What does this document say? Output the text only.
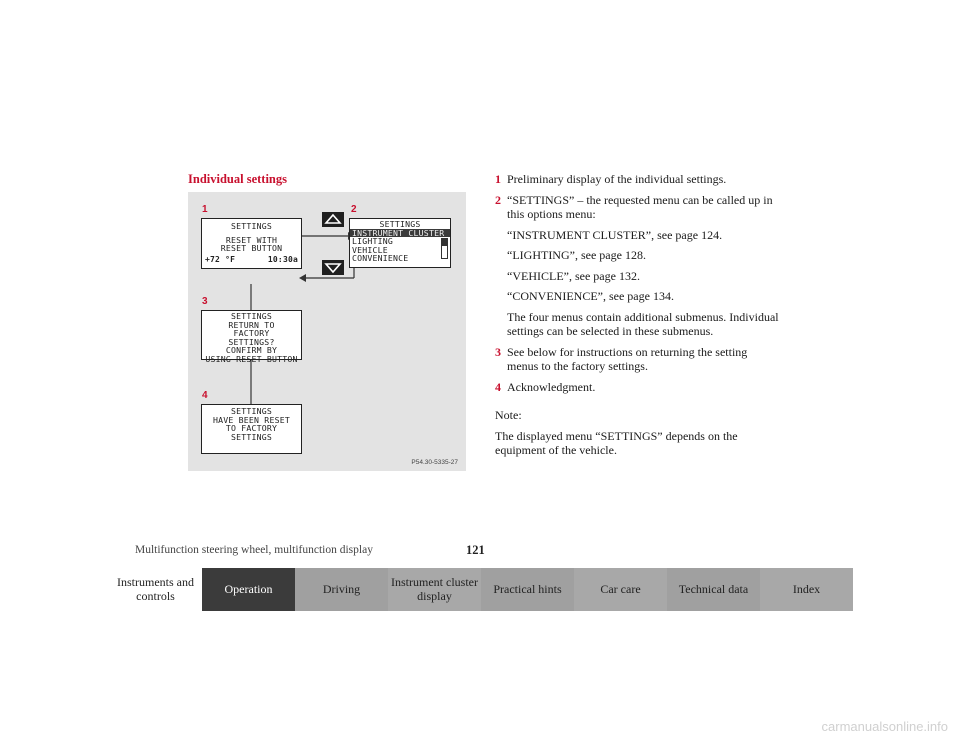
Individual settings
1	2
3
4
SETTINGS
RESET WITH
RESET BUTTON
+72 °F	10:30a
SETTINGS
INSTRUMENT CLUSTER
LIGHTING
VEHICLE
CONVENIENCE
SETTINGS
RETURN TO
FACTORY
SETTINGS?
CONFIRM BY
USING RESET BUTTON
SETTINGS
HAVE BEEN RESET
TO FACTORY
SETTINGS
P54.30-5335-27
1 Preliminary display of the individual settings.
2 “SETTINGS” – the requested menu can be called up in this options menu:
“INSTRUMENT CLUSTER”, see page 124.
“LIGHTING”, see page 128.
“VEHICLE”, see page 132.
“CONVENIENCE”, see page 134.
The four menus contain additional submenus. Individual settings can be selected in these submenus.
3 See below for instructions on returning the setting menus to the factory settings.
4 Acknowledgment.

Note:

The displayed menu “SETTINGS” depends on the equipment of the vehicle.

Multifunction steering wheel, multifunction display	121
Instruments and controls	Operation	Driving	Instrument cluster display	Practical hints	Car care	Technical data	Index
carmanualsonline.info
